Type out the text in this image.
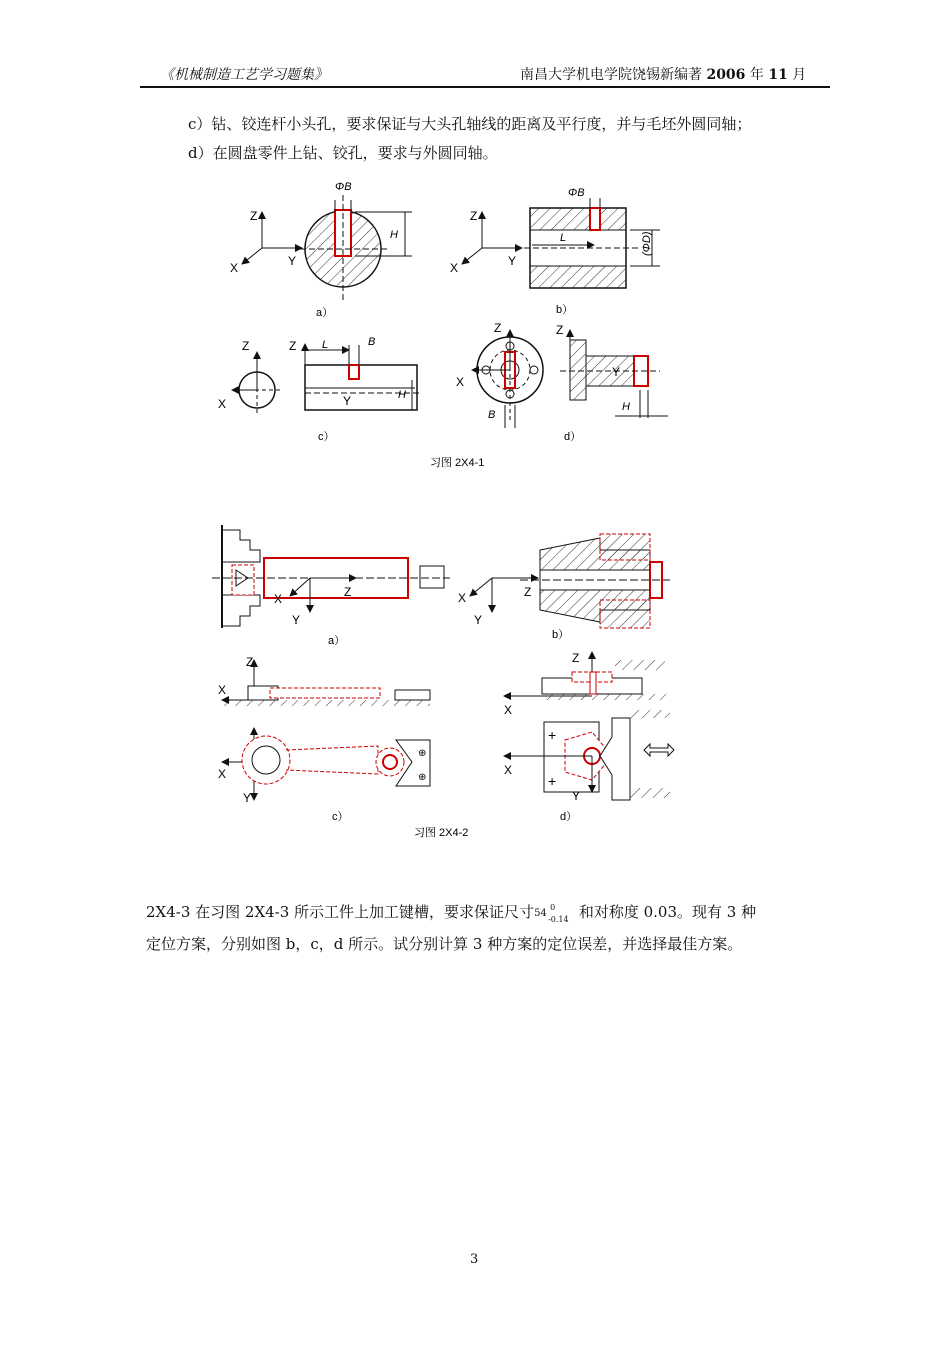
《机械制造工艺学习题集》	南昌大学机电学院饶锡新编著 2006 年 11 月
c）钻、铰连杆小头孔，要求保证与大头孔轴线的距离及平行度，并与毛坯外圆同轴；
d）在圆盘零件上钻、铰孔，要求与外圆同轴。
Z
Y
X
ΦB
H
a）
Z
Y
X
L
ΦB
(ΦD)
b）
Z
X
Z L	B
H
Y
c）
Z
X
B
Z
Y
H
d）
习图 2X4-1
X	Z
Y
a）
X	Z
Y
b）
Z
X
⊕
⊕
X
Y
c）
Z
X
+
+
X
Y
d）
习图 2X4-2
2X4-3 在习图 2X4-3 所示工件上加工键槽，要求保证尺寸 54
0
-0.14 和对称度 0.03。现有 3 种
定位方案，分别如图 b，c，d 所示。试分别计算 3 种方案的定位误差，并选择最佳方案。
3
